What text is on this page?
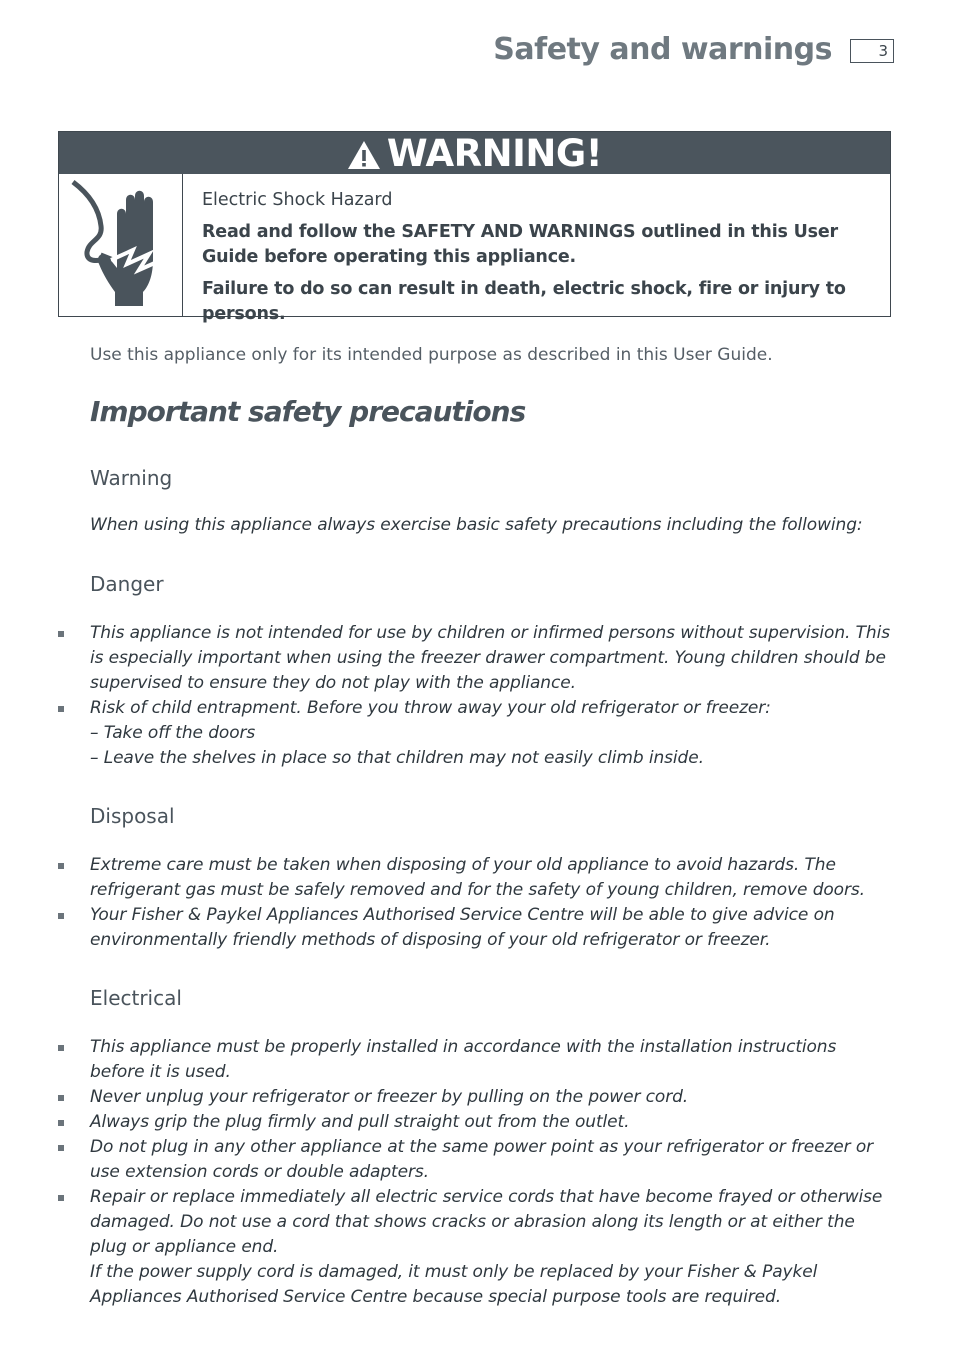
Safety and warnings	3
WARNING!

Electric Shock Hazard

Read and follow the SAFETY AND WARNINGS outlined in this User Guide before operating this appliance.

Failure to do so can result in death, electric shock, fire or injury to persons.

Use this appliance only for its intended purpose as described in this User Guide.
Important safety precautions
Warning
When using this appliance always exercise basic safety precautions including the following:
Danger
This appliance is not intended for use by children or infirmed persons without supervision. This is especially important when using the freezer drawer compartment. Young children should be supervised to ensure they do not play with the appliance.
Risk of child entrapment. Before you throw away your old refrigerator or freezer:
– Take off the doors
– Leave the shelves in place so that children may not easily climb inside.
Disposal
Extreme care must be taken when disposing of your old appliance to avoid hazards. The refrigerant gas must be safely removed and for the safety of young children, remove doors.
Your Fisher & Paykel Appliances Authorised Service Centre will be able to give advice on environmentally friendly methods of disposing of your old refrigerator or freezer.
Electrical
This appliance must be properly installed in accordance with the installation instructions before it is used.
Never unplug your refrigerator or freezer by pulling on the power cord.
Always grip the plug firmly and pull straight out from the outlet.
Do not plug in any other appliance at the same power point as your refrigerator or freezer or use extension cords or double adapters.
Repair or replace immediately all electric service cords that have become frayed or otherwise damaged. Do not use a cord that shows cracks or abrasion along its length or at either the plug or appliance end.
If the power supply cord is damaged, it must only be replaced by your Fisher & Paykel Appliances Authorised Service Centre because special purpose tools are required.
